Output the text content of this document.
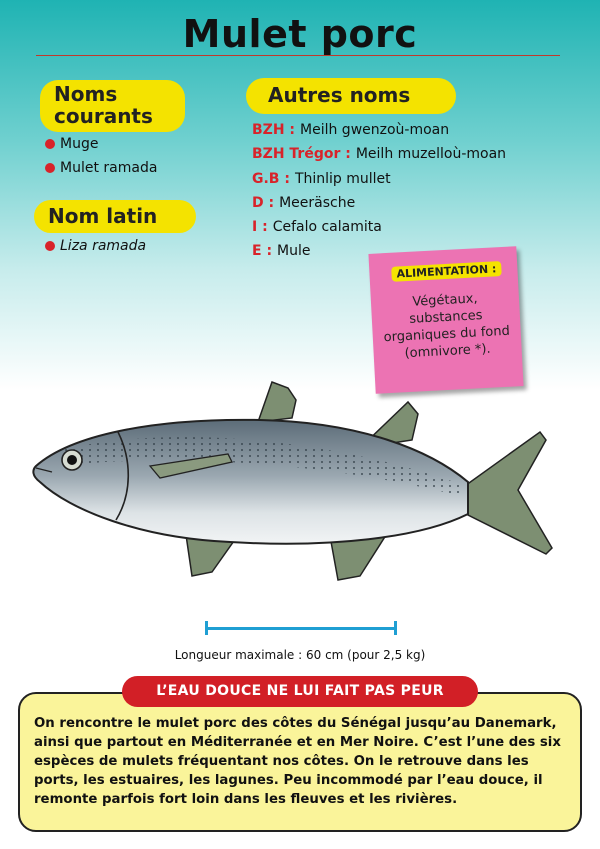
Mulet porc
Noms
courants
Muge
Mulet ramada
Nom latin
Liza ramada
Autres noms
BZH : Meilh gwenzoù-moan
BZH Trégor : Meilh muzelloù-moan
G.B : Thinlip mullet
D : Meeräsche
I : Cefalo calamita
E : Mule
ALIMENTATION :
Végétaux, substances organiques du fond (omnivore *).
Longueur maximale : 60 cm (pour 2,5 kg)

On rencontre le mulet porc des côtes du Sénégal jusqu’au Danemark, ainsi que partout en Méditerranée et en Mer Noire. C’est l’une des six espèces de mulets fréquentant nos côtes. On le retrouve dans les ports, les estuaires, les lagunes. Peu incommodé par l’eau douce, il remonte parfois fort loin dans les fleuves et les rivières.

L’EAU DOUCE NE LUI FAIT PAS PEUR
